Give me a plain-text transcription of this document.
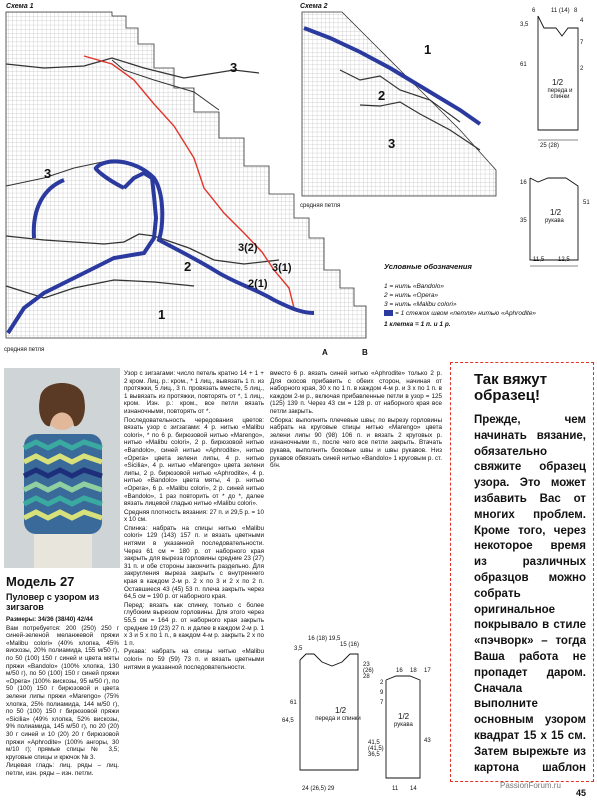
Схема 1
3
3
2
1
3(2)
3(1)
2(1)
средняя петля	A	B
Схема 2
1
2
3
средняя петля
6	11 (14) 8
4
3,5
61
7
2
1/2
переда и спинки
25 (28)
16
35
51
1/2
рукава
11,5 12,5
Условные обозначения
1 = нить «Bandolo»
2 = нить «Opera»
3 = нить «Malibu colori»
= 1 стежок швом «петля» нитью «Aphrodite»
1 клетка = 1 п. и 1 р.
Модель 27
Пуловер с узором из зигзагов

Размеры: 34/36 (38/40) 42/44

Вам потребуется: 200 (250) 250 г синей-зеленой меланжевой пряжи «Malibu colori» (40% хлопка, 45% вискозы, 20% полиамида, 155 м/50 г), по 50 (100) 150 г синей и цвета мяты пряжи «Bandolo» (100% хлопка, 130 м/50 г), по 50 (100) 150 г синей пряжи «Opera» (100% вискозы, 95 м/50 г), по 50 (100) 150 г бирюзовой и цвета зелени липы пряжи «Marengo» (75% хлопка, 25% полиамида, 144 м/50 г), по 50 (100) 150 г бирюзовой пряжи «Sicilia» (49% хлопка, 52% вискозы, 9% полиамида, 145 м/50 г), по 20 (20) 30 г синей и 10 (20) 20 г бирюзовой пряжи «Aphrodite» (100% ангоры, 30 м/10 г); прямые спицы № 3,5; круговые спицы и крючок № 3.

Лицевая гладь: лиц. ряды – лиц. петли, изн. ряды – изн. петли.

Узор с зигзагами: число петель кратно 14 + 1 + 2 кром. Лиц. р.: кром., * 1 лиц., вывязать 1 п. из протяжки, 5 лиц., 3 п. провязать вместе, 5 лиц., 1 вывязать из протяжки, повторять от *, 1 лиц., кром. Изн. р.: кром., все петли вязать изнаночными, повторять от *.

Последовательность чередования цветов: вязать узор с зигзагами: 4 р. нитью «Malibu colori», * по 6 р. бирюзовой нитью «Marengo», нитью «Malibu colori», 2 р. бирюзовой нитью «Bandolo», синей нитью «Aphrodite», нитью «Opera» цвета зелени липы, 4 р. нитью «Sicilia», 4 р. нитью «Marengo» цвета зелени липы, 2 р. бирюзовой нитью «Aphrodite», 4 р. нитью «Bandolo» цвета мяты, 4 р. нитью «Opera», 6 р. «Malibu colori», 2 р. синей нитью «Bandolo», 1 раз повторить от * до *, далее вязать лицевой гладью нитью «Malibu colori».

Средняя плотность вязания: 27 п. и 29,5 р. = 10 х 10 см.

Спинка: набрать на спицы нитью «Malibu colori» 129 (143) 157 п. и вязать цветными нитями в указанной последовательности. Через 61 см = 180 р. от наборного края закрыть для выреза горловины средние 23 (27) 31 п. и обе стороны закончить раздельно. Для закругления выреза закрыть с внутреннего края в каждом 2-м р. 2 х по 3 и 2 х по 2 п. Оставшиеся 43 (45) 53 п. плеча закрыть через 64,5 см = 190 р. от наборного края.

Перед: вязать как спинку, только с более глубоким вырезом горловины. Для этого через 55,5 см = 164 р. от наборного края закрыть средние 19 (23) 27 п. и далее в каждом 2-м р. 1 х 3 и 5 х по 1 п., в каждом 4-м р. закрыть 2 х по 1 п.

Рукава: набрать на спицы нитью «Malibu colori» по 59 (59) 73 п. и вязать цветными нитями в указанной последовательности.

вместо 6 р. вязать синей нитью «Aphrodite» только 2 р. Для скосов прибавить с обеих сторон, начиная от наборного края, 30 х по 1 п. в каждом 4-м р. и 3 х по 1 п. в каждом 2-м р., включая прибавленные петли в узор = 125 (125) 139 п. Через 43 см = 128 р. от наборного края все петли закрыть.

Сборка: выполнить плечевые швы; по вырезу горловины набрать на круговые спицы нитью «Marengo» цвета зелени липы 90 (98) 106 п. и вязать 2 круговых р. изнаночными п., после чего все петли закрыть. Втачать рукава, выполнить боковые швы и швы рукавов. Низ рукавов обвязать синей нитью «Bandolo» 1 круговым р. ст. б/н.

3,5
16 (18) 19,5
15 (16)
1/2
переда и спинки
23 (26) 28
2
9
7
61
64,5
24 (26,5) 29
16 18 17
1/2
рукава
41,5 (41,5) 36,5
43
11 14
Так вяжут образец!
Прежде, чем начинать вязание, обязательно свяжите образец узора. Это может избавить Вас от многих проблем. Кроме того, через некоторое время из различных образцов можно собрать оригинальное покрывало в стиле «пэчворк» – тогда Ваша работа не пропадет даром. Сначала выполните основным узором квадрат 15 х 15 см. Затем вырежьте из картона шаблон
PassionForum.ru
45
